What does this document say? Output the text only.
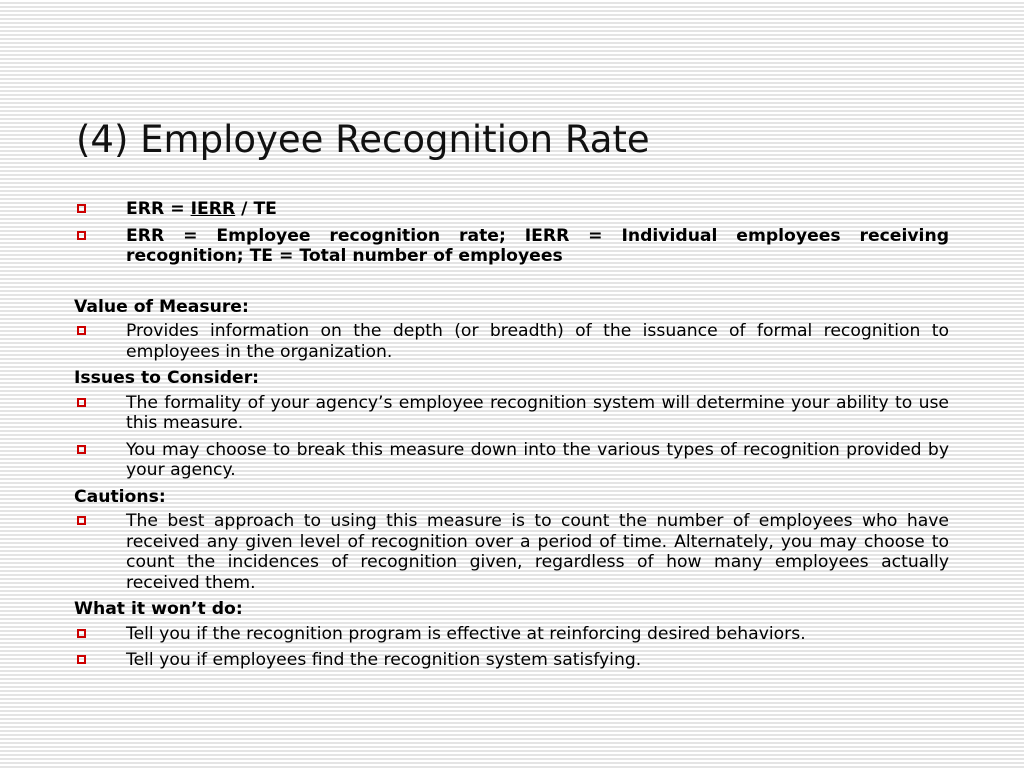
(4) Employee Recognition Rate
ERR = IERR / TE
ERR = Employee recognition rate; IERR = Individual employees receiving recognition; TE = Total number of employees
Value of Measure:
Provides information on the depth (or breadth) of the issuance of formal recognition to employees in the organization.
Issues to Consider:
The formality of your agency’s employee recognition system will determine your ability to use this measure.
You may choose to break this measure down into the various types of recognition provided by your agency.
Cautions:
The best approach to using this measure is to count the number of employees who have received any given level of recognition over a period of time. Alternately, you may choose to count the incidences of recognition given, regardless of how many employees actually received them.
What it won’t do:
Tell you if the recognition program is effective at reinforcing desired behaviors.
Tell you if employees find the recognition system satisfying.
